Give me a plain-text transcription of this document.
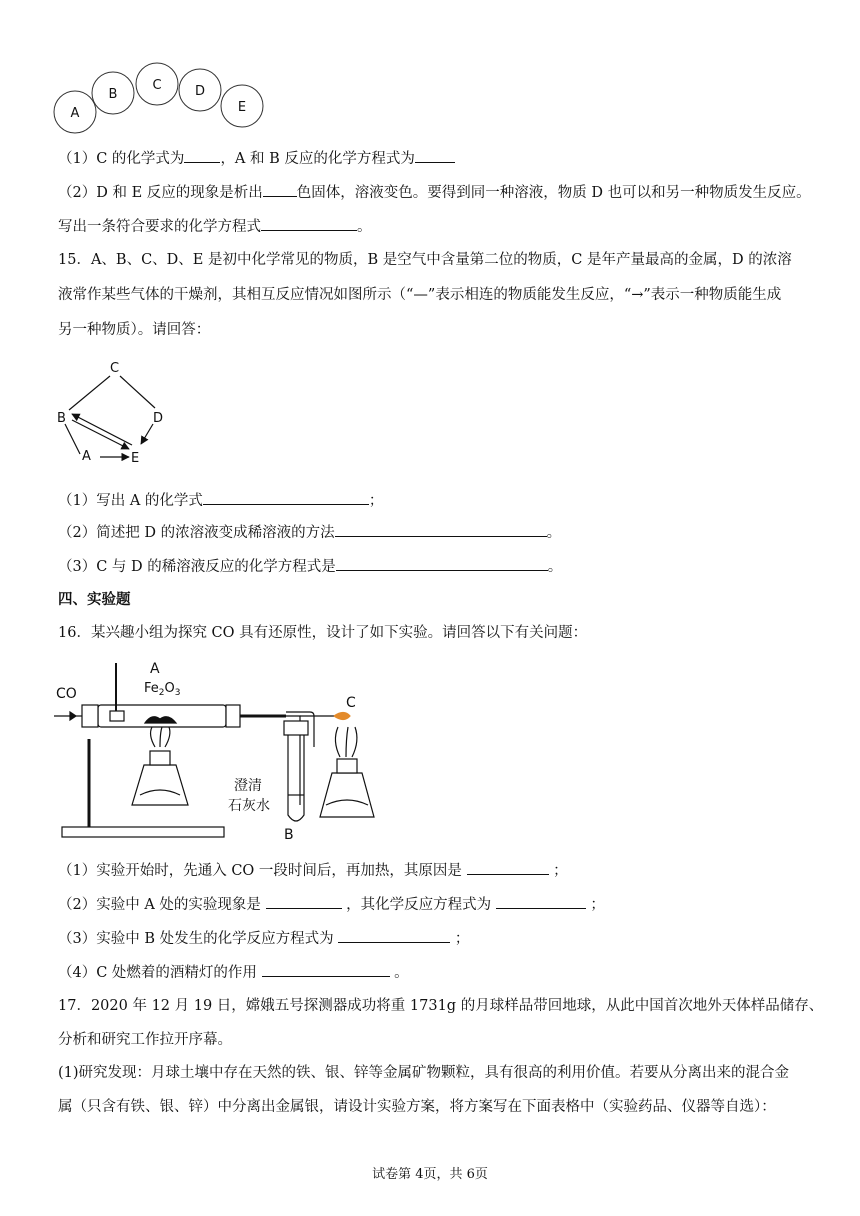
A
B
C	D
E
（1）C 的化学式为 ，A 和 B 反应的化学方程式为
（2）D 和 E 反应的现象是析出 色固体，溶液变色。要得到同一种溶液，物质 D 也可以和另一种物质发生反应。
写出一条符合要求的化学方程式	。
15．A、B、C、D、E 是初中化学常见的物质，B 是空气中含量第二位的物质，C 是年产量最高的金属，D 的浓溶
液常作某些气体的干燥剂，其相互反应情况如图所示（“—”表示相连的物质能发生反应，“→”表示一种物质能生成
另一种物质）。请回答：
C
B	D
A	E
（1）写出 A 的化学式	；
（2）简述把 D 的浓溶液变成稀溶液的方法	。
（3）C 与 D 的稀溶液反应的化学方程式是	。
四、实验题
16．某兴趣小组为探究 CO 具有还原性，设计了如下实验。请回答以下有关问题：
CO
A
$Fe_2O_3$
C
澄清
石灰水
B
（1）实验开始时，先通入 CO 一段时间后，再加热，其原因是	；
（2）实验中 A 处的实验现象是	，其化学反应方程式为	；
（3）实验中 B 处发生的化学反应方程式为	；
（4）C 处燃着的酒精灯的作用	。
17．2020 年 12 月 19 日，嫦娥五号探测器成功将重 1731g 的月球样品带回地球，从此中国首次地外天体样品储存、
分析和研究工作拉开序幕。
(1)研究发现：月球土壤中存在天然的铁、银、锌等金属矿物颗粒，具有很高的利用价值。若要从分离出来的混合金
属（只含有铁、银、锌）中分离出金属银，请设计实验方案，将方案写在下面表格中（实验药品、仪器等自选）：
试卷第 4页，共 6页
